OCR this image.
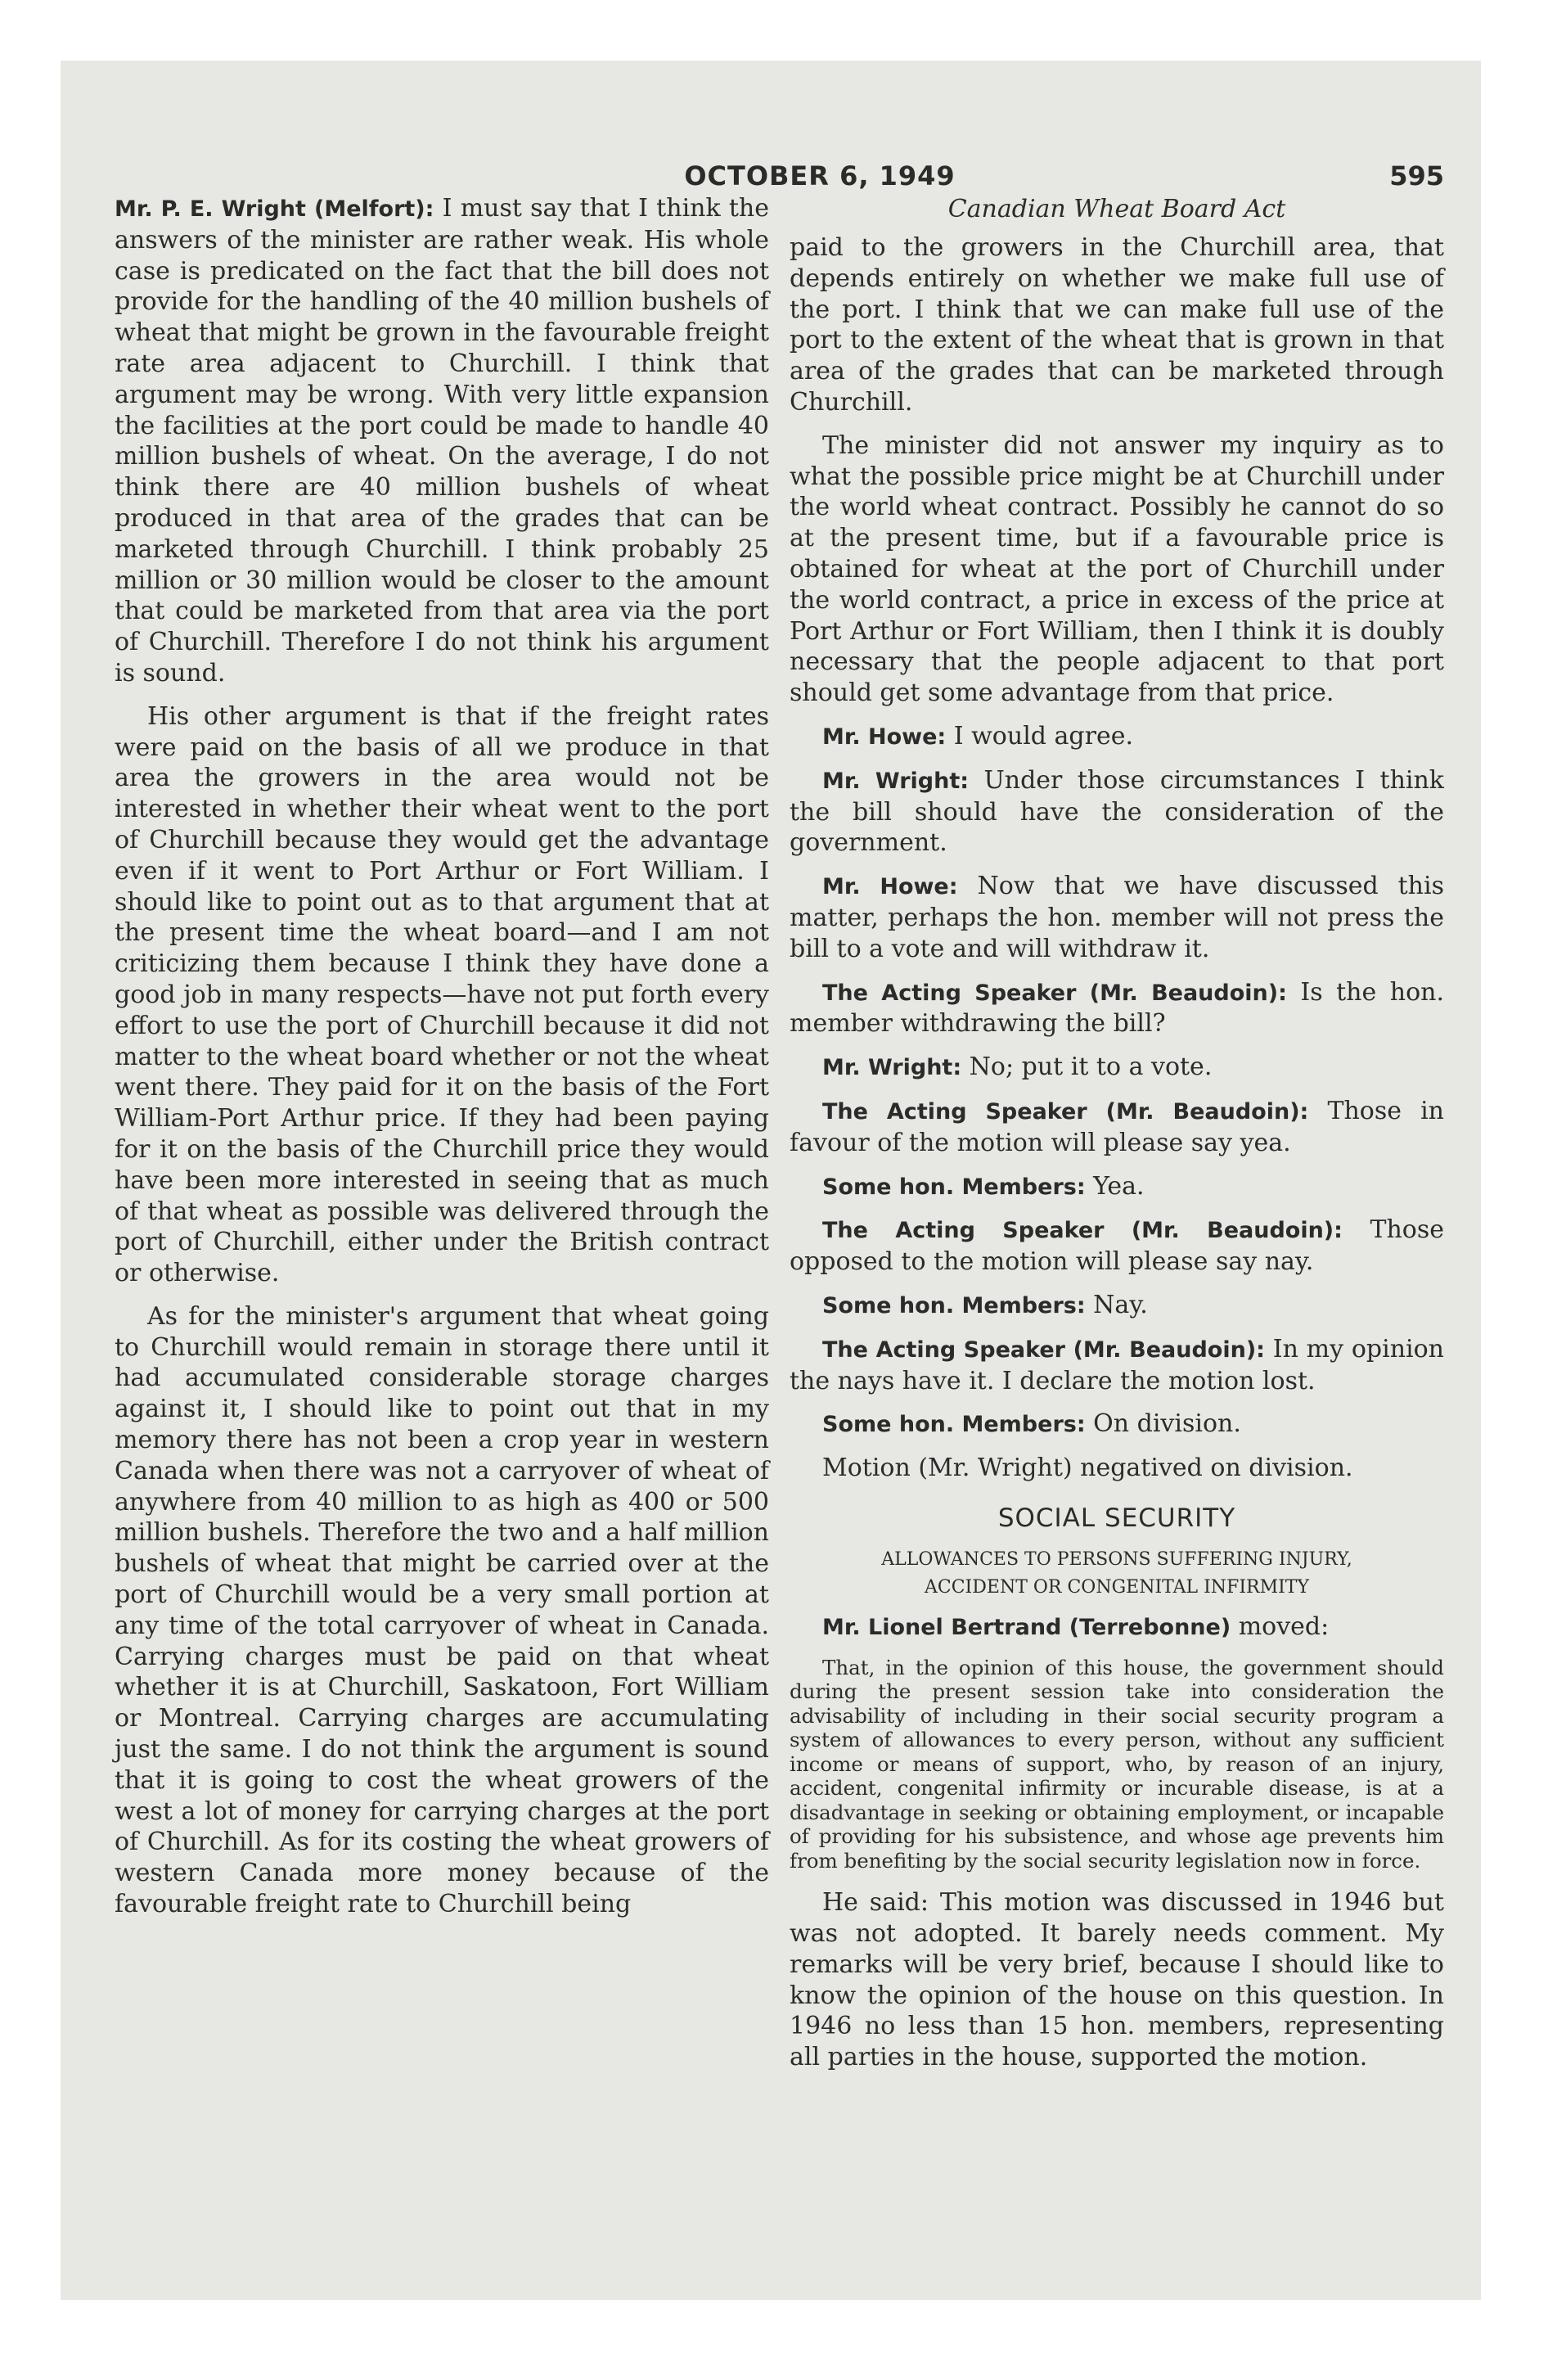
OCTOBER 6, 1949	595

Mr. P. E. Wright (Melfort): I must say that I think the answers of the minister are rather weak. His whole case is predicated on the fact that the bill does not provide for the handling of the 40 million bushels of wheat that might be grown in the favourable freight rate area adjacent to Churchill. I think that argument may be wrong. With very little expansion the facilities at the port could be made to handle 40 million bushels of wheat. On the average, I do not think there are 40 million bushels of wheat produced in that area of the grades that can be marketed through Churchill. I think probably 25 million or 30 million would be closer to the amount that could be marketed from that area via the port of Churchill. Therefore I do not think his argument is sound.

His other argument is that if the freight rates were paid on the basis of all we produce in that area the growers in the area would not be interested in whether their wheat went to the port of Churchill because they would get the advantage even if it went to Port Arthur or Fort William. I should like to point out as to that argument that at the present time the wheat board—and I am not criticizing them because I think they have done a good job in many respects—have not put forth every effort to use the port of Churchill because it did not matter to the wheat board whether or not the wheat went there. They paid for it on the basis of the Fort William-Port Arthur price. If they had been paying for it on the basis of the Churchill price they would have been more interested in seeing that as much of that wheat as possible was delivered through the port of Churchill, either under the British contract or otherwise.

As for the minister's argument that wheat going to Churchill would remain in storage there until it had accumulated considerable storage charges against it, I should like to point out that in my memory there has not been a crop year in western Canada when there was not a carryover of wheat of anywhere from 40 million to as high as 400 or 500 million bushels. Therefore the two and a half million bushels of wheat that might be carried over at the port of Churchill would be a very small portion at any time of the total carryover of wheat in Canada. Carrying charges must be paid on that wheat whether it is at Churchill, Saskatoon, Fort William or Montreal. Carrying charges are accumulating just the same. I do not think the argument is sound that it is going to cost the wheat growers of the west a lot of money for carrying charges at the port of Churchill. As for its costing the wheat growers of western Canada more money because of the favourable freight rate to Churchill being

Canadian Wheat Board Act

paid to the growers in the Churchill area, that depends entirely on whether we make full use of the port. I think that we can make full use of the port to the extent of the wheat that is grown in that area of the grades that can be marketed through Churchill.

The minister did not answer my inquiry as to what the possible price might be at Churchill under the world wheat contract. Possibly he cannot do so at the present time, but if a favourable price is obtained for wheat at the port of Churchill under the world contract, a price in excess of the price at Port Arthur or Fort William, then I think it is doubly necessary that the people adjacent to that port should get some advantage from that price.

Mr. Howe: I would agree.

Mr. Wright: Under those circumstances I think the bill should have the consideration of the government.

Mr. Howe: Now that we have discussed this matter, perhaps the hon. member will not press the bill to a vote and will withdraw it.

The Acting Speaker (Mr. Beaudoin): Is the hon. member withdrawing the bill?

Mr. Wright: No; put it to a vote.

The Acting Speaker (Mr. Beaudoin): Those in favour of the motion will please say yea.

Some hon. Members: Yea.

The Acting Speaker (Mr. Beaudoin): Those opposed to the motion will please say nay.

Some hon. Members: Nay.

The Acting Speaker (Mr. Beaudoin): In my opinion the nays have it. I declare the motion lost.

Some hon. Members: On division.

Motion (Mr. Wright) negatived on division.

SOCIAL SECURITY
ALLOWANCES TO PERSONS SUFFERING INJURY,
ACCIDENT OR CONGENITAL INFIRMITY

Mr. Lionel Bertrand (Terrebonne) moved:

That, in the opinion of this house, the government should during the present session take into consideration the advisability of including in their social security program a system of allowances to every person, without any sufficient income or means of support, who, by reason of an injury, accident, congenital infirmity or incurable disease, is at a disadvantage in seeking or obtaining employment, or incapable of providing for his subsistence, and whose age prevents him from benefiting by the social security legislation now in force.

He said: This motion was discussed in 1946 but was not adopted. It barely needs comment. My remarks will be very brief, because I should like to know the opinion of the house on this question. In 1946 no less than 15 hon. members, representing all parties in the house, supported the motion.
